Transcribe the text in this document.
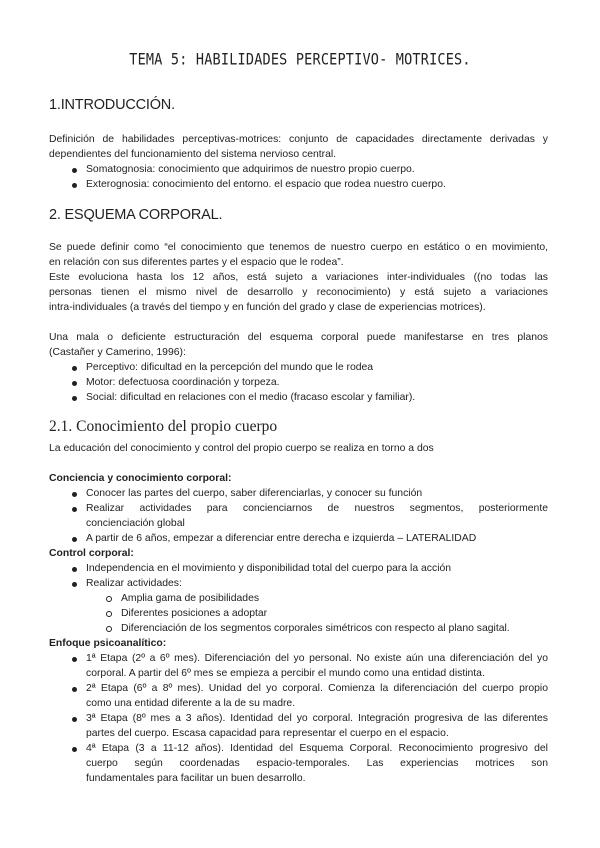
TEMA 5: HABILIDADES PERCEPTIVO- MOTRICES.
1.INTRODUCCIÓN.
Definición de habilidades perceptivas-motrices: conjunto de capacidades directamente derivadas y
dependientes del funcionamiento del sistema nervioso central.
Somatognosia: conocimiento que adquirimos de nuestro propio cuerpo.
Exterognosia: conocimiento del entorno. el espacio que rodea nuestro cuerpo.
2. ESQUEMA CORPORAL.
Se puede definir como “el conocimiento que tenemos de nuestro cuerpo en estático o en movimiento,
en relación con sus diferentes partes y el espacio que le rodea”.
Este evoluciona hasta los 12 años, está sujeto a variaciones inter-individuales ((no todas las
personas tienen el mismo nivel de desarrollo y reconocimiento) y está sujeto a variaciones
intra-individuales (a través del tiempo y en función del grado y clase de experiencias motrices).
Una mala o deficiente estructuración del esquema corporal puede manifestarse en tres planos
(Castañer y Camerino, 1996):
Perceptivo: dificultad en la percepción del mundo que le rodea
Motor: defectuosa coordinación y torpeza.
Social: dificultad en relaciones con el medio (fracaso escolar y familiar).
2.1. Conocimiento del propio cuerpo
La educación del conocimiento y control del propio cuerpo se realiza en torno a dos
Conciencia y conocimiento corporal:
Conocer las partes del cuerpo, saber diferenciarlas, y conocer su función
Realizar actividades para concienciarnos de nuestros segmentos, posteriormente
concienciación global
A partir de 6 años, empezar a diferenciar entre derecha e izquierda – LATERALIDAD
Control corporal:
Independencia en el movimiento y disponibilidad total del cuerpo para la acción
Realizar actividades:
Amplia gama de posibilidades
Diferentes posiciones a adoptar
Diferenciación de los segmentos corporales simétricos con respecto al plano sagital.
Enfoque psicoanalítico:
1ª Etapa (2º a 6º mes). Diferenciación del yo personal. No existe aún una diferenciación del yo
corporal. A partir del 6º mes se empieza a percibir el mundo como una entidad distinta.
2ª Etapa (6º a 8º mes). Unidad del yo corporal. Comienza la diferenciación del cuerpo propio
como una entidad diferente a la de su madre.
3ª Etapa (8º mes a 3 años). Identidad del yo corporal. Integración progresiva de las diferentes
partes del cuerpo. Escasa capacidad para representar el cuerpo en el espacio.
4ª Etapa (3 a 11-12 años). Identidad del Esquema Corporal. Reconocimiento progresivo del
cuerpo según coordenadas espacio-temporales. Las experiencias motrices son
fundamentales para facilitar un buen desarrollo.
